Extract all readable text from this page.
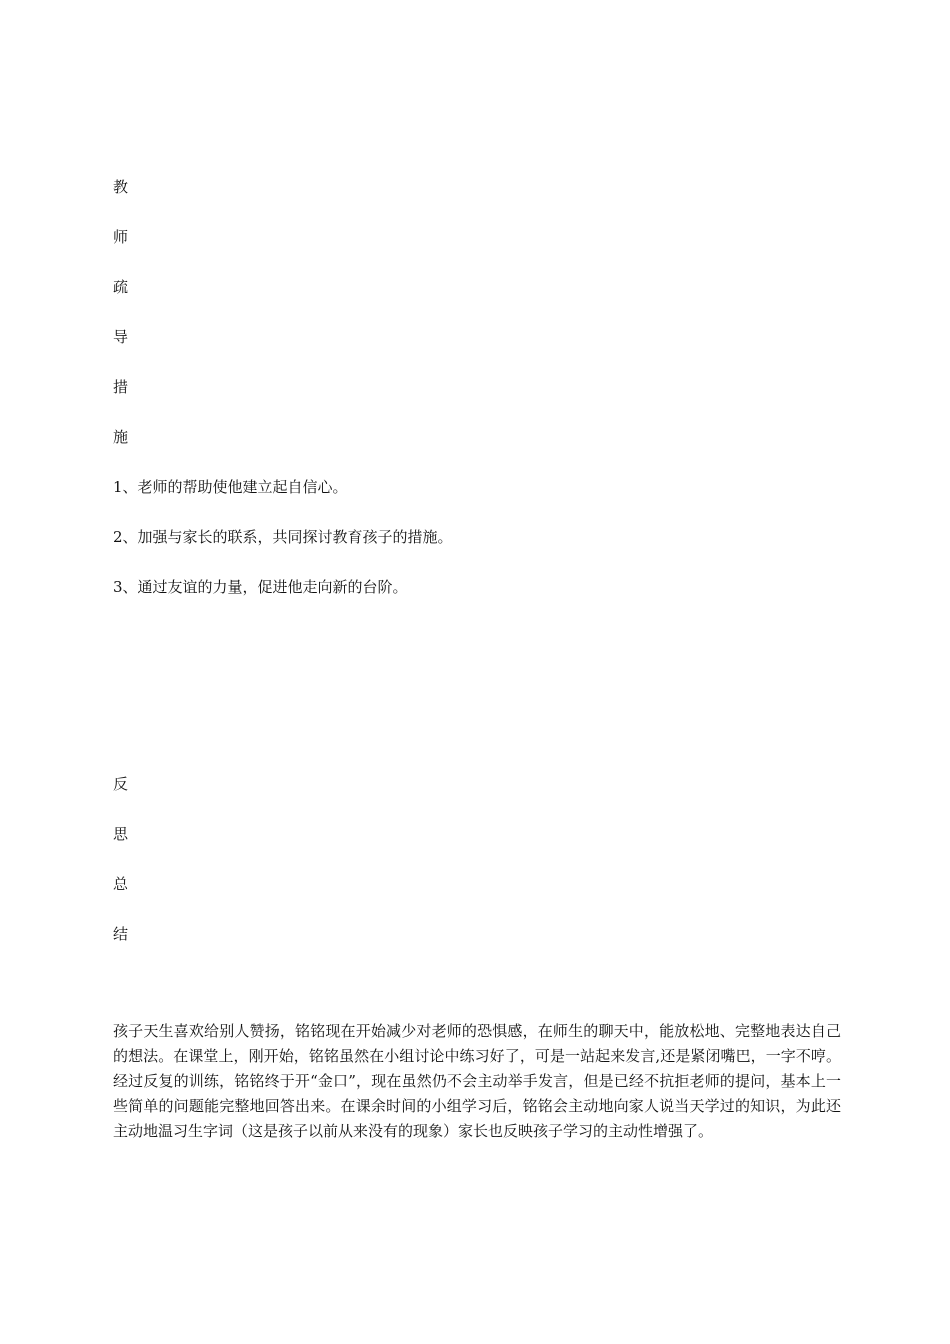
教
师
疏
导
措
施
1、老师的帮助使他建立起自信心。
2、加强与家长的联系，共同探讨教育孩子的措施。
3、通过友谊的力量，促进他走向新的台阶。
反
思
总
结
孩子天生喜欢给别人赞扬，铭铭现在开始减少对老师的恐惧感，在师生的聊天中，能放松地、完整地表达自己的想法。在课堂上，刚开始，铭铭虽然在小组讨论中练习好了，可是一站起来发言,还是紧闭嘴巴，一字不哼。经过反复的训练，铭铭终于开“金口”，现在虽然仍不会主动举手发言，但是已经不抗拒老师的提问，基本上一些简单的问题能完整地回答出来。在课余时间的小组学习后，铭铭会主动地向家人说当天学过的知识，为此还主动地温习生字词（这是孩子以前从来没有的现象）家长也反映孩子学习的主动性增强了。
